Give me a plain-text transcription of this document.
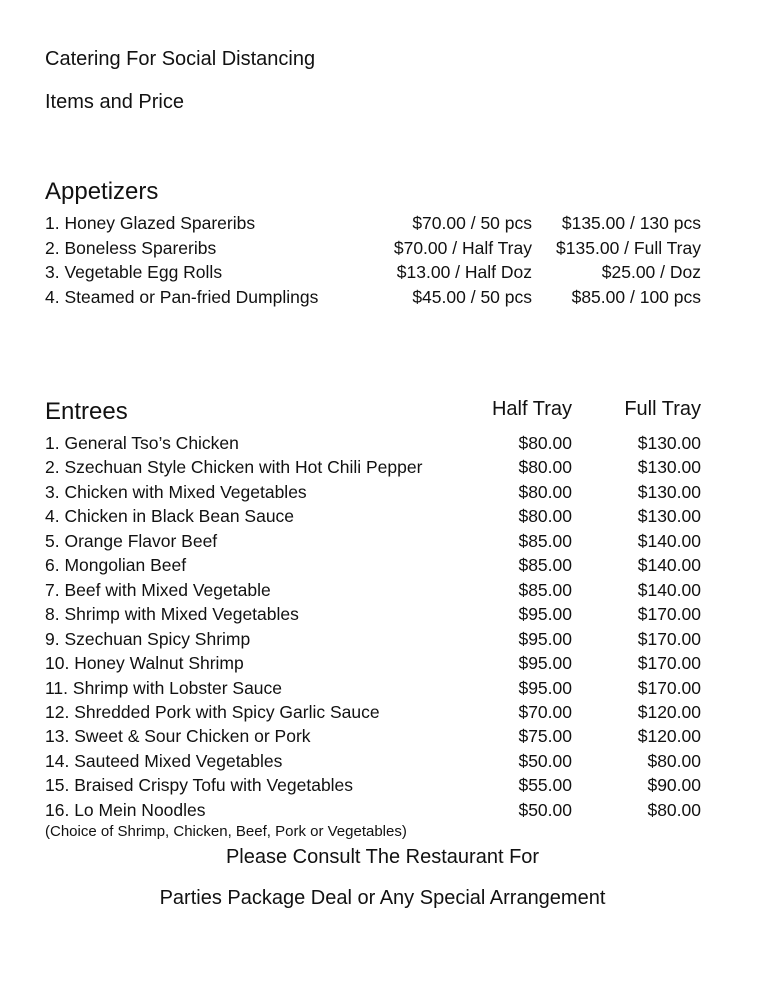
Catering For Social Distancing
Items and Price
Appetizers
1. Honey Glazed Spareribs	$70.00 / 50 pcs	$135.00 / 130 pcs
2. Boneless Spareribs	$70.00 / Half Tray	$135.00 / Full Tray
3. Vegetable Egg Rolls	$13.00 / Half Doz	$25.00 / Doz
4. Steamed or Pan-fried Dumplings	$45.00 / 50 pcs	$85.00 / 100 pcs
Entrees	Half Tray	Full Tray
1. General Tso’s Chicken	$80.00	$130.00
2. Szechuan Style Chicken with Hot Chili Pepper	$80.00	$130.00
3. Chicken with Mixed Vegetables	$80.00	$130.00
4. Chicken in Black Bean Sauce	$80.00	$130.00
5. Orange Flavor Beef	$85.00	$140.00
6. Mongolian Beef	$85.00	$140.00
7. Beef with Mixed Vegetable	$85.00	$140.00
8. Shrimp with Mixed Vegetables	$95.00	$170.00
9. Szechuan Spicy Shrimp	$95.00	$170.00
10. Honey Walnut Shrimp	$95.00	$170.00
11. Shrimp with Lobster Sauce	$95.00	$170.00
12. Shredded Pork with Spicy Garlic Sauce	$70.00	$120.00
13. Sweet & Sour Chicken or Pork	$75.00	$120.00
14. Sauteed Mixed Vegetables	$50.00	$80.00
15. Braised Crispy Tofu with Vegetables	$55.00	$90.00
16. Lo Mein Noodles	$50.00	$80.00
(Choice of Shrimp, Chicken, Beef, Pork or Vegetables)
Please Consult The Restaurant For
Parties Package Deal or Any Special Arrangement
